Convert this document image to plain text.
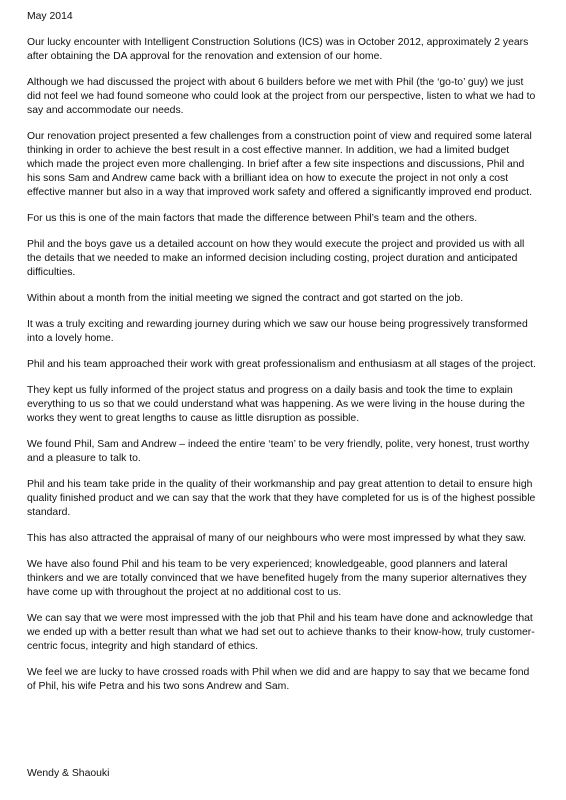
May 2014

Our lucky encounter with Intelligent Construction Solutions (ICS) was in October 2012, approximately 2 years after obtaining the DA approval for the renovation and extension of our home.

Although we had discussed the project with about 6 builders before we met with Phil (the ‘go-to’ guy) we just did not feel we had found someone who could look at the project from our perspective, listen to what we had to say and accommodate our needs.

Our renovation project presented a few challenges from a construction point of view and required some lateral thinking in order to achieve the best result in a cost effective manner. In addition, we had a limited budget which made the project even more challenging. In brief after a few site inspections and discussions, Phil and his sons Sam and Andrew came back with a brilliant idea on how to execute the project in not only a cost effective manner but also in a way that improved work safety and offered a significantly improved end product.

For us this is one of the main factors that made the difference between Phil’s team and the others.

Phil and the boys gave us a detailed account on how they would execute the project and provided us with all the details that we needed to make an informed decision including costing, project duration and anticipated difficulties.

Within about a month from the initial meeting we signed the contract and got started on the job.

It was a truly exciting and rewarding journey during which we saw our house being progressively transformed into a lovely home.

Phil and his team approached their work with great professionalism and enthusiasm at all stages of the project.

They kept us fully informed of the project status and progress on a daily basis and took the time to explain everything to us so that we could understand what was happening. As we were living in the house during the works they went to great lengths to cause as little disruption as possible.

We found Phil, Sam and Andrew – indeed the entire ‘team’ to be very friendly, polite, very honest, trust worthy and a pleasure to talk to.

Phil and his team take pride in the quality of their workmanship and pay great attention to detail to ensure high quality finished product and we can say that the work that they have completed for us is of the highest possible standard.

This has also attracted the appraisal of many of our neighbours who were most impressed by what they saw.

We have also found Phil and his team to be very experienced; knowledgeable, good planners and lateral thinkers and we are totally convinced that we have benefited hugely from the many superior alternatives they have come up with throughout the project at no additional cost to us.

We can say that we were most impressed with the job that Phil and his team have done and acknowledge that we ended up with a better result than what we had set out to achieve thanks to their know-how, truly customer-centric focus, integrity and high standard of ethics.

We feel we are lucky to have crossed roads with Phil when we did and are happy to say that we became fond of Phil, his wife Petra and his two sons Andrew and Sam.

Wendy & Shaouki
